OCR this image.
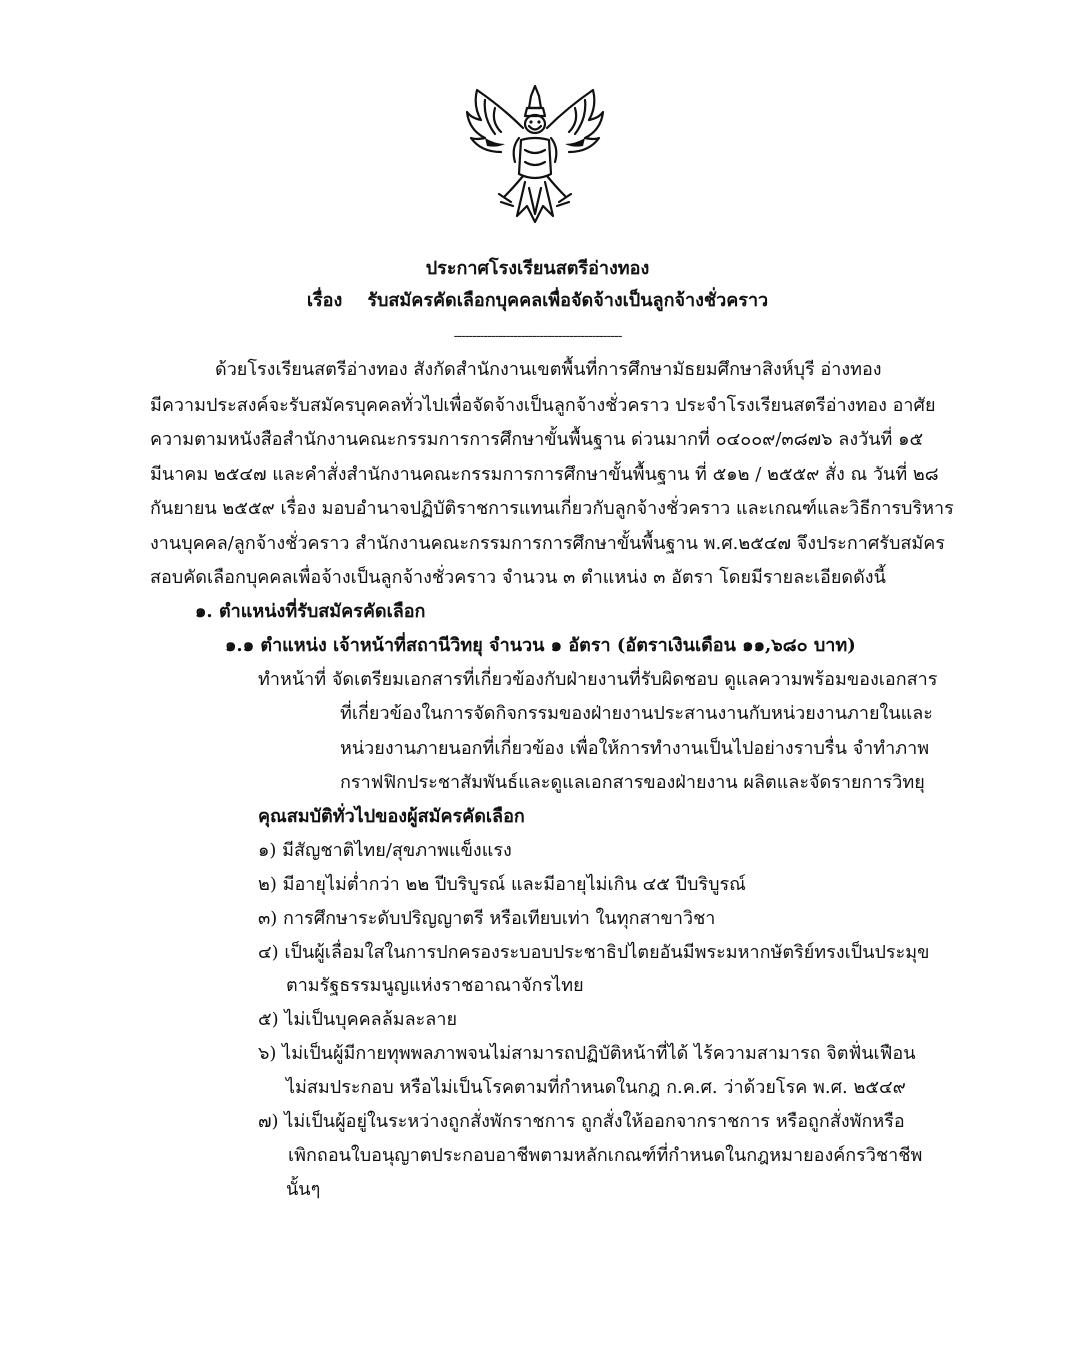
ประกาศโรงเรียนสตรีอ่างทอง
เรื่อง รับสมัครคัดเลือกบุคคลเพื่อจัดจ้างเป็นลูกจ้างชั่วคราว
---------------------------------------------
ด้วยโรงเรียนสตรีอ่างทอง สังกัดสำนักงานเขตพื้นที่การศึกษามัธยมศึกษาสิงห์บุรี อ่างทอง
มีความประสงค์จะรับสมัครบุคคลทั่วไปเพื่อจัดจ้างเป็นลูกจ้างชั่วคราว ประจำโรงเรียนสตรีอ่างทอง อาศัย
ความตามหนังสือสำนักงานคณะกรรมการการศึกษาขั้นพื้นฐาน ด่วนมากที่ ๐๔๐๐๙/๓๘๗๖ ลงวันที่ ๑๕
มีนาคม ๒๕๔๗ และคำสั่งสำนักงานคณะกรรมการการศึกษาขั้นพื้นฐาน ที่ ๕๑๒ / ๒๕๕๙ สั่ง ณ วันที่ ๒๘
กันยายน ๒๕๕๙ เรื่อง มอบอำนาจปฏิบัติราชการแทนเกี่ยวกับลูกจ้างชั่วคราว และเกณฑ์และวิธีการบริหาร
งานบุคคล/ลูกจ้างชั่วคราว สำนักงานคณะกรรมการการศึกษาขั้นพื้นฐาน พ.ศ.๒๕๔๗ จึงประกาศรับสมัคร
สอบคัดเลือกบุคคลเพื่อจ้างเป็นลูกจ้างชั่วคราว จำนวน ๓ ตำแหน่ง ๓ อัตรา โดยมีรายละเอียดดังนี้
๑. ตำแหน่งที่รับสมัครคัดเลือก
๑.๑ ตำแหน่ง เจ้าหน้าที่สถานีวิทยุ จำนวน ๑ อัตรา (อัตราเงินเดือน ๑๑,๖๘๐ บาท)
ทำหน้าที่ จัดเตรียมเอกสารที่เกี่ยวข้องกับฝ่ายงานที่รับผิดชอบ ดูแลความพร้อมของเอกสาร
ที่เกี่ยวข้องในการจัดกิจกรรมของฝ่ายงานประสานงานกับหน่วยงานภายในและ
หน่วยงานภายนอกที่เกี่ยวข้อง เพื่อให้การทำงานเป็นไปอย่างราบรื่น จำทำภาพ
กราฟฟิกประชาสัมพันธ์และดูแลเอกสารของฝ่ายงาน ผลิตและจัดรายการวิทยุ
คุณสมบัติทั่วไปของผู้สมัครคัดเลือก
๑) มีสัญชาติไทย/สุขภาพแข็งแรง
๒) มีอายุไม่ต่ำกว่า ๒๒ ปีบริบูรณ์ และมีอายุไม่เกิน ๔๕ ปีบริบูรณ์
๓) การศึกษาระดับปริญญาตรี หรือเทียบเท่า ในทุกสาขาวิชา
๔) เป็นผู้เลื่อมใสในการปกครองระบอบประชาธิปไตยอันมีพระมหากษัตริย์ทรงเป็นประมุข
ตามรัฐธรรมนูญแห่งราชอาณาจักรไทย
๕) ไม่เป็นบุคคลล้มละลาย
๖) ไม่เป็นผู้มีกายทุพพลภาพจนไม่สามารถปฏิบัติหน้าที่ได้ ไร้ความสามารถ จิตฟั่นเฟือน
ไม่สมประกอบ หรือไม่เป็นโรคตามที่กำหนดในกฎ ก.ค.ศ. ว่าด้วยโรค พ.ศ. ๒๕๔๙
๗) ไม่เป็นผู้อยู่ในระหว่างถูกสั่งพักราชการ ถูกสั่งให้ออกจากราชการ หรือถูกสั่งพักหรือ
เพิกถอนใบอนุญาตประกอบอาชีพตามหลักเกณฑ์ที่กำหนดในกฎหมายองค์กรวิชาชีพ
นั้นๆ
